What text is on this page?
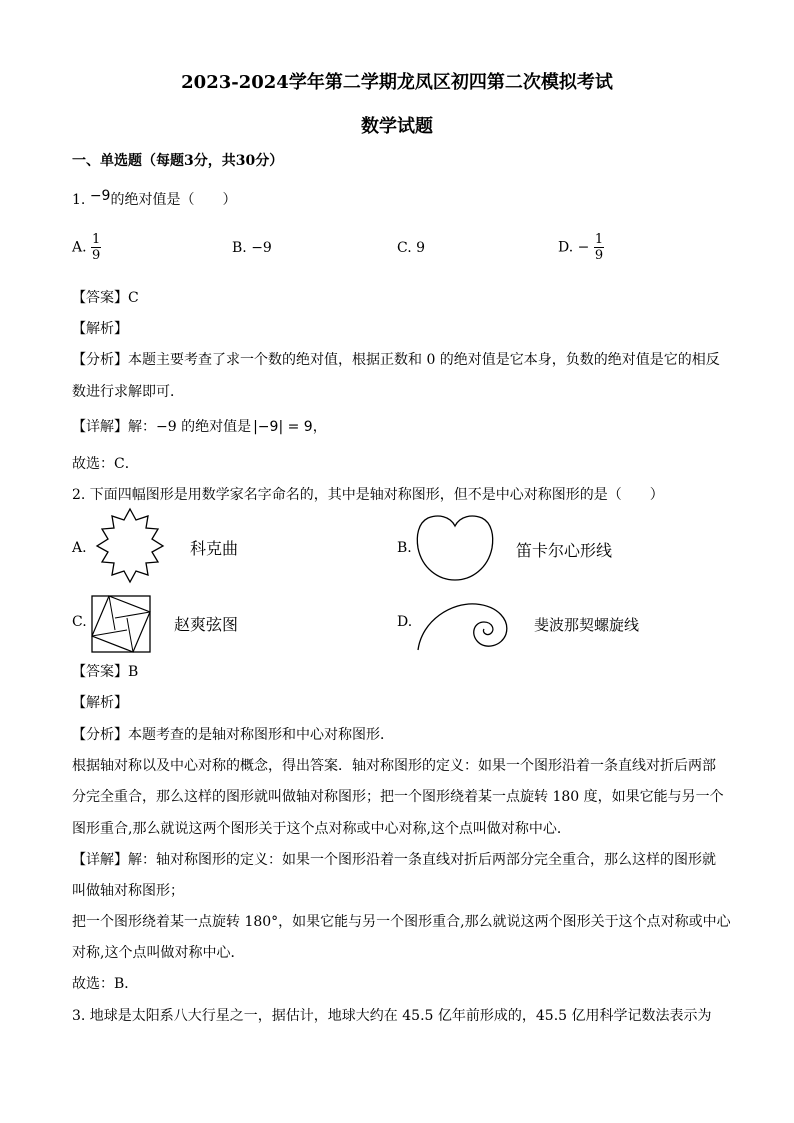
2023-2024学年第二学期龙凤区初四第二次模拟考试
数学试题
一、单选题（每题3分，共30分）
1. −9的绝对值是（　　）
A. $\frac{1}{9}$	B. −9	C. 9	D. − $\frac{1}{9}$
【答案】C
【解析】
【分析】本题主要考查了求一个数的绝对值，根据正数和 0 的绝对值是它本身，负数的绝对值是它的相反
数进行求解即可．
【详解】解：−9 的绝对值是 |−9| = 9，
故选：C．
2. 下面四幅图形是用数学家名字命名的，其中是轴对称图形，但不是中心对称图形的是（　　）
A.	科克曲	B.	笛卡尔心形线
C.	赵爽弦图	D.	斐波那契螺旋线
【答案】B
【解析】
【分析】本题考查的是轴对称图形和中心对称图形．
根据轴对称以及中心对称的概念，得出答案．轴对称图形的定义：如果一个图形沿着一条直线对折后两部
分完全重合，那么这样的图形就叫做轴对称图形；把一个图形绕着某一点旋转 180 度，如果它能与另一个
图形重合,那么就说这两个图形关于这个点对称或中心对称,这个点叫做对称中心．
【详解】解：轴对称图形的定义：如果一个图形沿着一条直线对折后两部分完全重合，那么这样的图形就
叫做轴对称图形；
把一个图形绕着某一点旋转 180°，如果它能与另一个图形重合,那么就说这两个图形关于这个点对称或中心
对称,这个点叫做对称中心．
故选：B．
3. 地球是太阳系八大行星之一，据估计，地球大约在 45.5 亿年前形成的，45.5 亿用科学记数法表示为
